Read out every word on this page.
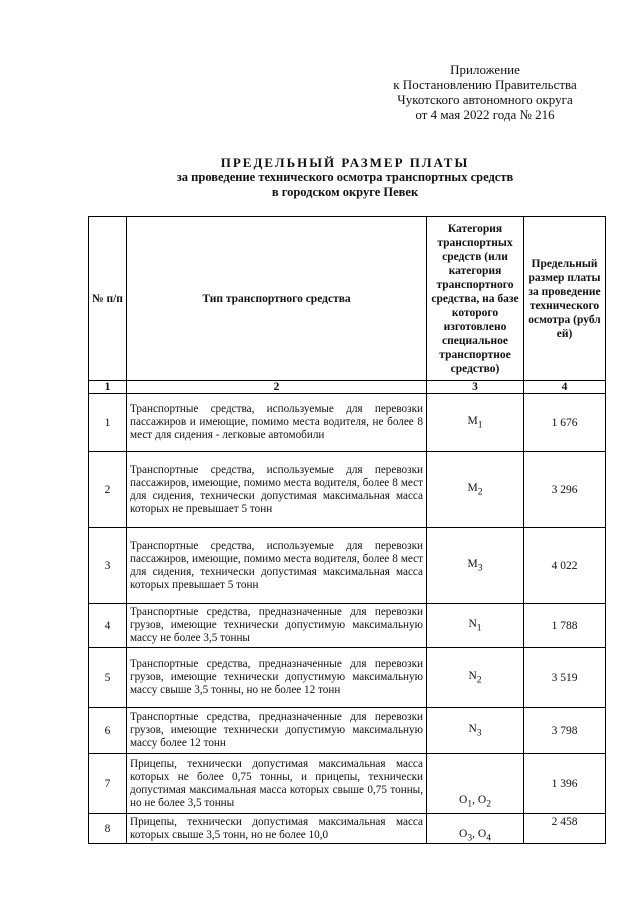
Приложение
к Постановлению Правительства
Чукотского автономного округа
от 4 мая 2022 года № 216
ПРЕДЕЛЬНЫЙ РАЗМЕР ПЛАТЫ
за проведение технического осмотра транспортных средств
в городском округе Певек
№ п/п	Тип транспортного средства	Категория транспортных средств (или категория транспортного средства, на базе которого изготовлено специальное транспортное средство)	Предельный размер платы за проведение технического осмотра (рублей)
1	2	3	4
1	Транспортные средства, используемые для перевозки пассажиров и имеющие, помимо места водителя, не более 8 мест для сидения - легковые автомобили	$M_1$	1 676
2	Транспортные средства, используемые для перевозки пассажиров, имеющие, помимо места водителя, более 8 мест для сидения, технически допустимая максимальная масса которых не превышает 5 тонн	$M_2$	3 296
3	Транспортные средства, используемые для перевозки пассажиров, имеющие, помимо места водителя, более 8 мест для сидения, технически допустимая максимальная масса которых превышает 5 тонн	$M_3$	4 022
4	Транспортные средства, предназначенные для перевозки грузов, имеющие технически допустимую максимальную массу не более 3,5 тонны	$N_1$	1 788
5	Транспортные средства, предназначенные для перевозки грузов, имеющие технически допустимую максимальную массу свыше 3,5 тонны, но не более 12 тонн	$N_2$	3 519
6	Транспортные средства, предназначенные для перевозки грузов, имеющие технически допустимую максимальную массу более 12 тонн	$N_3$	3 798
7	Прицепы, технически допустимая максимальная масса которых не более 0,75 тонны, и прицепы, технически допустимая максимальная масса которых свыше 0,75 тонны, но не более 3,5 тонны	$O_1$, $O_2$	1 396
8	Прицепы, технически допустимая максимальная масса которых свыше 3,5 тонн, но не более 10,0	$O_3$, $O_4$	2 458
